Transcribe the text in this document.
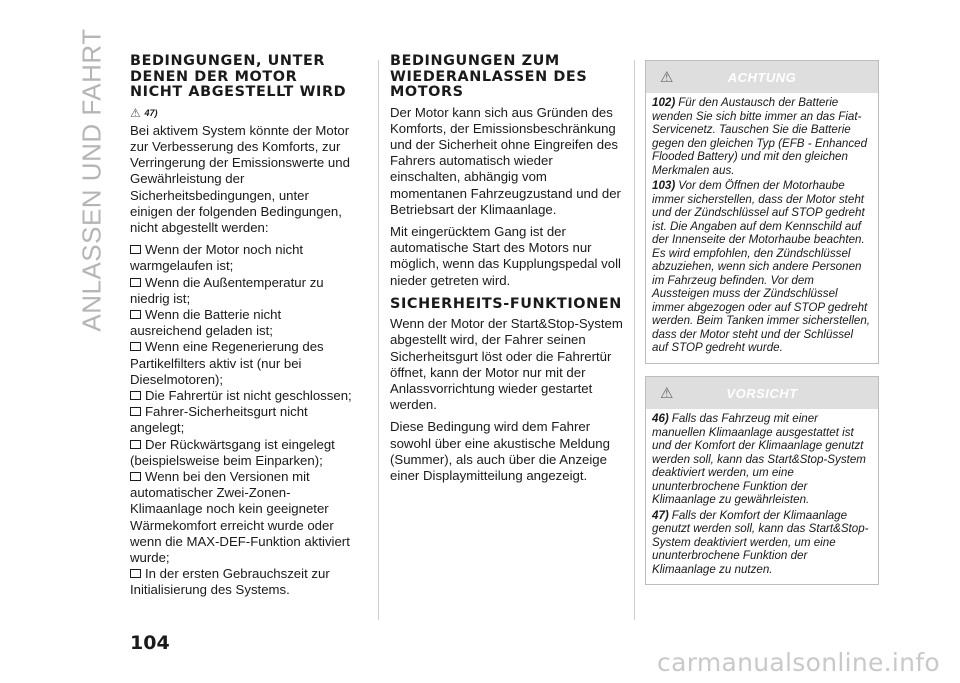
ANLASSEN UND FAHRT BEDINGUNGEN, UNTER DENEN DER MOTOR NICHT ABGESTELLT WIRD
⚠ $^{47)}$
Bei aktivem System könnte der Motor zur Verbesserung des Komforts, zur Verringerung der Emissionswerte und Gewährleistung der Sicherheitsbedingungen, unter einigen der folgenden Bedingungen, nicht abgestellt werden:
Wenn der Motor noch nicht warmgelaufen ist;
Wenn die Außentemperatur zu niedrig ist;
Wenn die Batterie nicht ausreichend geladen ist;
Wenn eine Regenerierung des Partikelfilters aktiv ist (nur bei Dieselmotoren);
Die Fahrertür ist nicht geschlossen;
Fahrer-Sicherheitsgurt nicht angelegt;
Der Rückwärtsgang ist eingelegt (beispielsweise beim Einparken);
Wenn bei den Versionen mit automatischer Zwei-Zonen-Klimaanlage noch kein geeigneter Wärmekomfort erreicht wurde oder wenn die MAX-DEF-Funktion aktiviert wurde;
In der ersten Gebrauchszeit zur Initialisierung des Systems.
BEDINGUNGEN ZUM WIEDERANLASSEN DES MOTORS
Der Motor kann sich aus Gründen des Komforts, der Emissionsbeschränkung und der Sicherheit ohne Eingreifen des Fahrers automatisch wieder einschalten, abhängig vom momentanen Fahrzeugzustand und der Betriebsart der Klimaanlage.
Mit eingerücktem Gang ist der automatische Start des Motors nur möglich, wenn das Kupplungspedal voll nieder getreten wird.
SICHERHEITS-FUNKTIONEN
Wenn der Motor der Start&Stop-System abgestellt wird, der Fahrer seinen Sicherheitsgurt löst oder die Fahrertür öffnet, kann der Motor nur mit der Anlassvorrichtung wieder gestartet werden.
Diese Bedingung wird dem Fahrer sowohl über eine akustische Meldung (Summer), als auch über die Anzeige einer Displaymitteilung angezeigt.
⚠	ACHTUNG
102) Für den Austausch der Batterie wenden Sie sich bitte immer an das Fiat-Servicenetz. Tauschen Sie die Batterie gegen den gleichen Typ (EFB - Enhanced Flooded Battery) und mit den gleichen Merkmalen aus.
103) Vor dem Öffnen der Motorhaube immer sicherstellen, dass der Motor steht und der Zündschlüssel auf STOP gedreht ist. Die Angaben auf dem Kennschild auf der Innenseite der Motorhaube beachten. Es wird empfohlen, den Zündschlüssel abzuziehen, wenn sich andere Personen im Fahrzeug befinden. Vor dem Aussteigen muss der Zündschlüssel immer abgezogen oder auf STOP gedreht werden. Beim Tanken immer sicherstellen, dass der Motor steht und der Schlüssel auf STOP gedreht wurde.
⚠	VORSICHT
46) Falls das Fahrzeug mit einer manuellen Klimaanlage ausgestattet ist und der Komfort der Klimaanlage genutzt werden soll, kann das Start&Stop-System deaktiviert werden, um eine ununterbrochene Funktion der Klimaanlage zu gewährleisten.
47) Falls der Komfort der Klimaanlage genutzt werden soll, kann das Start&Stop-System deaktiviert werden, um eine ununterbrochene Funktion der Klimaanlage zu nutzen.
104
carmanualsonline.info
